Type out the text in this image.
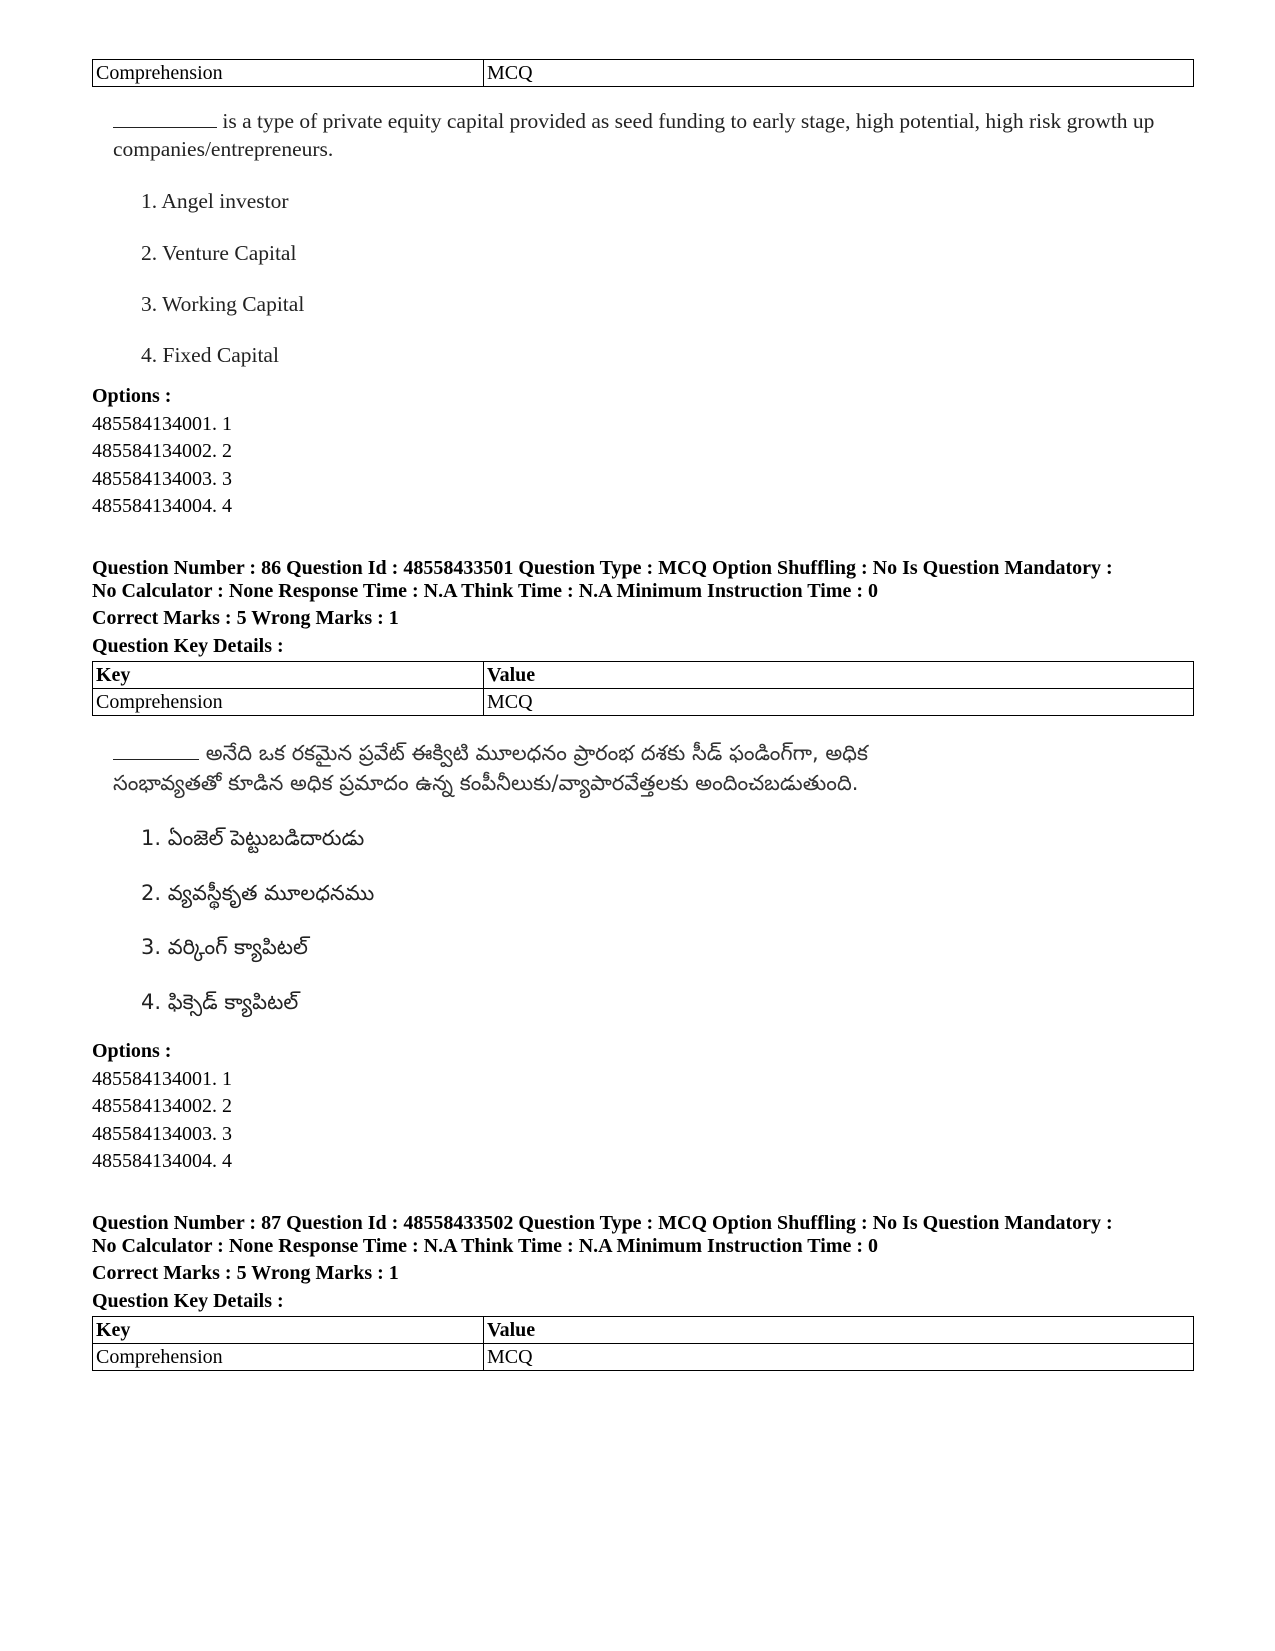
Comprehension	MCQ
is a type of private equity capital provided as seed funding to early stage, high potential, high risk growth up companies/entrepreneurs.
1. Angel investor
2. Venture Capital
3. Working Capital
4. Fixed Capital
Options :
485584134001. 1
485584134002. 2
485584134003. 3
485584134004. 4
Question Number : 86 Question Id : 48558433501 Question Type : MCQ Option Shuffling : No Is Question Mandatory :
No Calculator : None Response Time : N.A Think Time : N.A Minimum Instruction Time : 0
Correct Marks : 5 Wrong Marks : 1
Question Key Details :
Key	Value
Comprehension	MCQ
అనేది ఒక రకమైన ప్రవేట్ ఈక్విటి మూలధనం ప్రారంభ దశకు సీడ్ ఫండింగ్‌గా, అధిక
సంభావ్యతతో కూడిన అధిక ప్రమాదం ఉన్న కంపీనీలుకు/వ్యాపారవేత్తలకు అందించబడుతుంది.
1. ఏంజెల్ పెట్టుబడిదారుడు
2. వ్యవస్థీకృత మూలధనము
3. వర్కింగ్ క్యాపిటల్
4. ఫిక్సెడ్ క్యాపిటల్
Options :
485584134001. 1
485584134002. 2
485584134003. 3
485584134004. 4
Question Number : 87 Question Id : 48558433502 Question Type : MCQ Option Shuffling : No Is Question Mandatory :
No Calculator : None Response Time : N.A Think Time : N.A Minimum Instruction Time : 0
Correct Marks : 5 Wrong Marks : 1
Question Key Details :
Key	Value
Comprehension	MCQ
